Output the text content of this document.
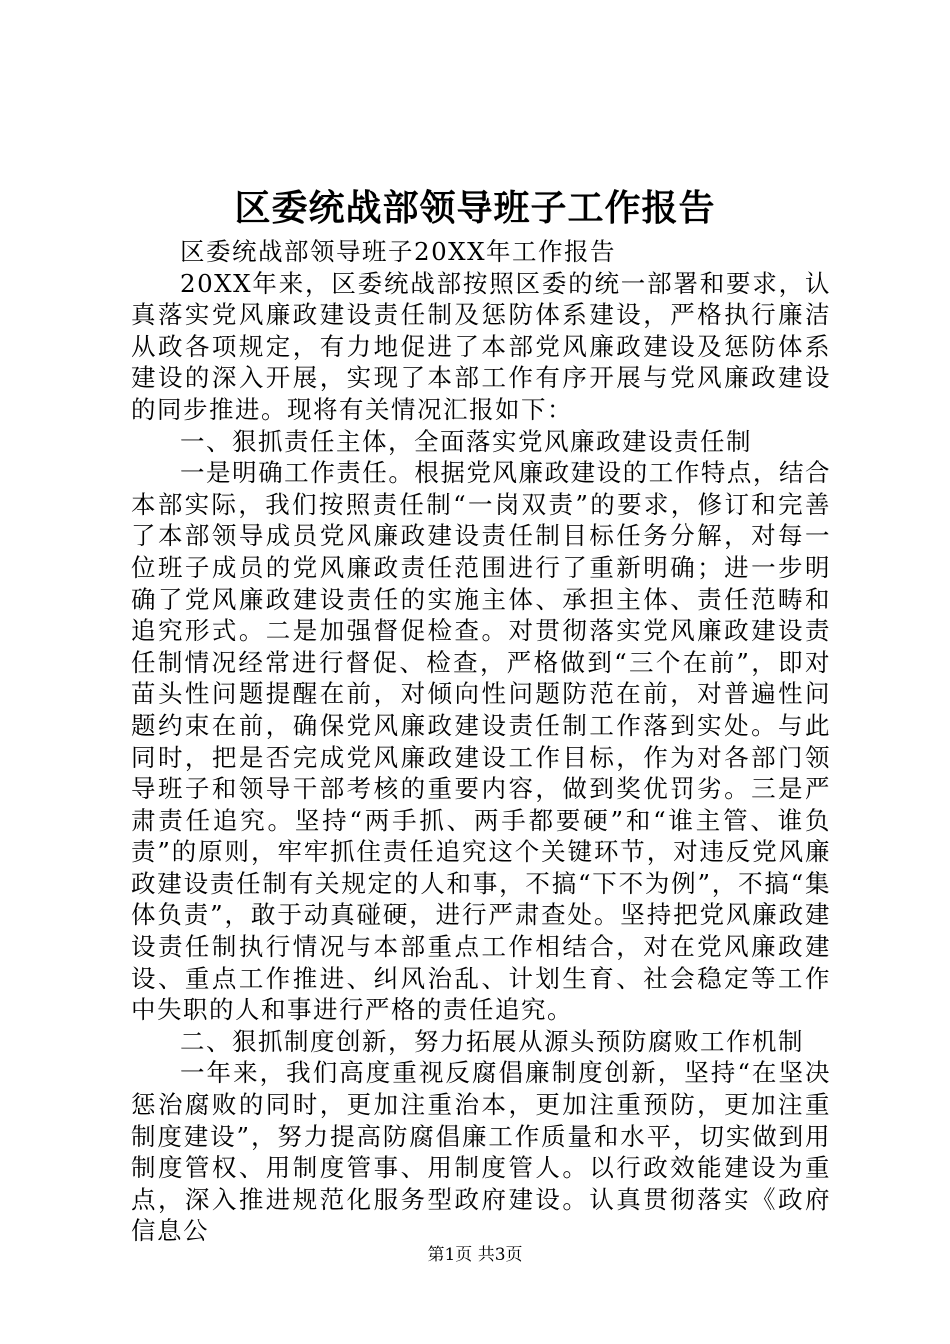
区委统战部领导班子工作报告

区委统战部领导班子20XX年工作报告

20XX年来，区委统战部按照区委的统一部署和要求，认真落实党风廉政建设责任制及惩防体系建设，严格执行廉洁从政各项规定，有力地促进了本部党风廉政建设及惩防体系建设的深入开展，实现了本部工作有序开展与党风廉政建设的同步推进。现将有关情况汇报如下：

一、狠抓责任主体，全面落实党风廉政建设责任制

一是明确工作责任。根据党风廉政建设的工作特点，结合本部实际，我们按照责任制“一岗双责”的要求，修订和完善了本部领导成员党风廉政建设责任制目标任务分解，对每一位班子成员的党风廉政责任范围进行了重新明确；进一步明确了党风廉政建设责任的实施主体、承担主体、责任范畴和追究形式。二是加强督促检查。对贯彻落实党风廉政建设责任制情况经常进行督促、检查，严格做到“三个在前”，即对苗头性问题提醒在前，对倾向性问题防范在前，对普遍性问题约束在前，确保党风廉政建设责任制工作落到实处。与此同时，把是否完成党风廉政建设工作目标，作为对各部门领导班子和领导干部考核的重要内容，做到奖优罚劣。三是严肃责任追究。坚持“两手抓、两手都要硬”和“谁主管、谁负责”的原则，牢牢抓住责任追究这个关键环节，对违反党风廉政建设责任制有关规定的人和事，不搞“下不为例”，不搞“集体负责”，敢于动真碰硬，进行严肃查处。坚持把党风廉政建设责任制执行情况与本部重点工作相结合，对在党风廉政建设、重点工作推进、纠风治乱、计划生育、社会稳定等工作中失职的人和事进行严格的责任追究。

二、狠抓制度创新，努力拓展从源头预防腐败工作机制

一年来，我们高度重视反腐倡廉制度创新，坚持“在坚决惩治腐败的同时，更加注重治本，更加注重预防，更加注重制度建设”，努力提高防腐倡廉工作质量和水平，切实做到用制度管权、用制度管事、用制度管人。以行政效能建设为重点，深入推进规范化服务型政府建设。认真贯彻落实《政府信息公

第1页 共3页
